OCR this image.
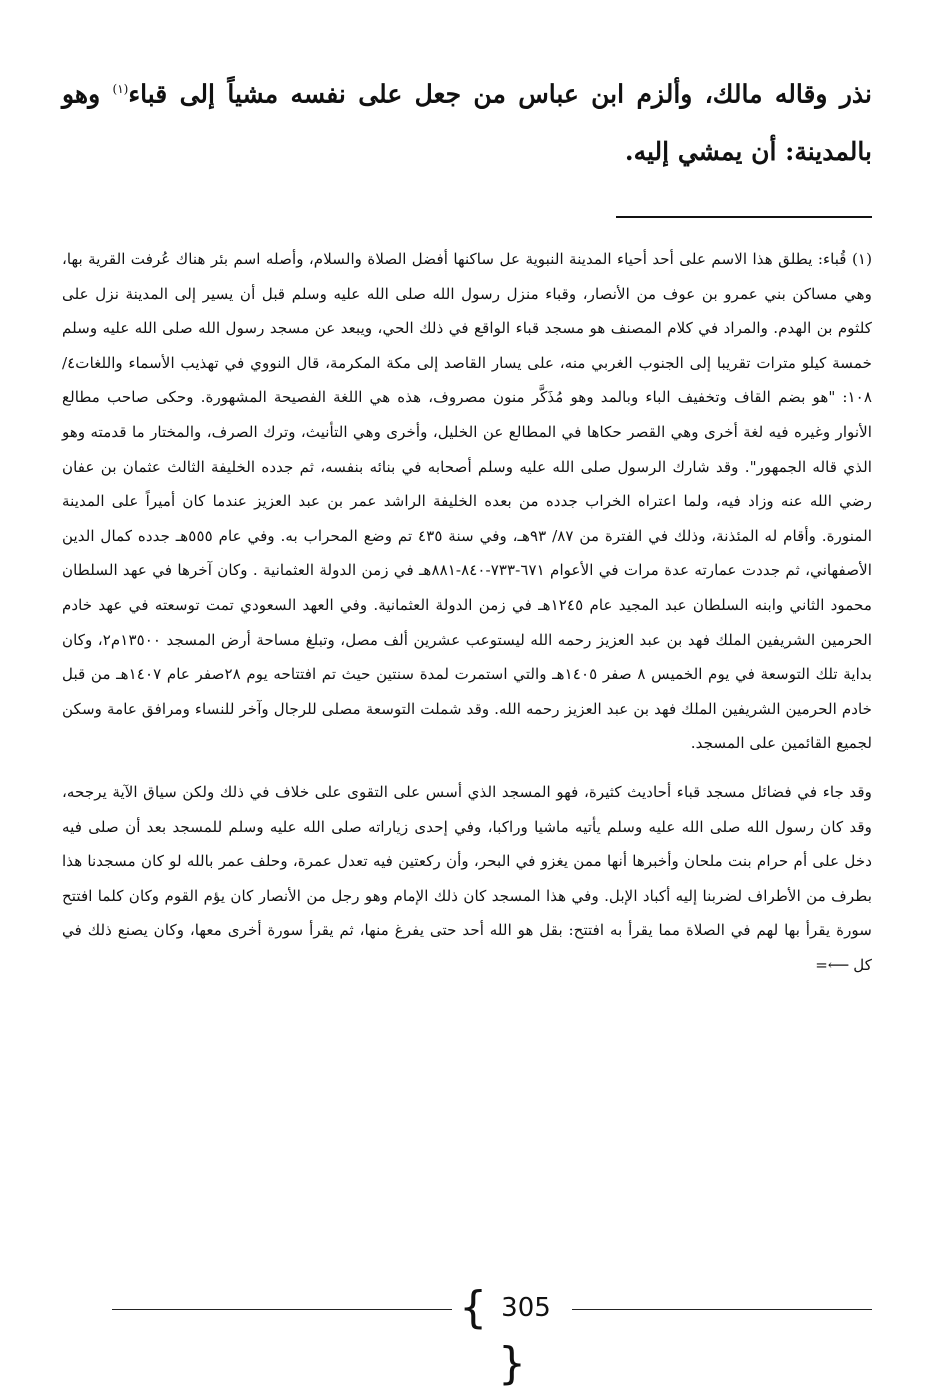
نذر وقاله مالك، وألزم ابن عباس من جعل على نفسه مشياً إلى قباء$^{(١)}$ وهو بالمدينة: أن يمشي إليه.

(١) قُباء: يطلق هذا الاسم على أحد أحياء المدينة النبوية عل ساكنها أفضل الصلاة والسلام، وأصله اسم بئر هناك عُرفت القرية بها، وهي مساكن بني عمرو بن عوف من الأنصار، وقباء منزل رسول الله صلى الله عليه وسلم قبل أن يسير إلى المدينة نزل على كلثوم بن الهدم. والمراد في كلام المصنف هو مسجد قباء الواقع في ذلك الحي، ويبعد عن مسجد رسول الله صلى الله عليه وسلم خمسة كيلو مترات تقريبا إلى الجنوب الغربي منه، على يسار القاصد إلى مكة المكرمة، قال النووي في تهذيب الأسماء واللغات٤/ ١٠٨: "هو بضم القاف وتخفيف الباء وبالمد وهو مُذَكَّر منون مصروف، هذه هي اللغة الفصيحة المشهورة. وحكى صاحب مطالع الأنوار وغيره فيه لغة أخرى وهي القصر حكاها في المطالع عن الخليل، وأخرى وهي التأنيث، وترك الصرف، والمختار ما قدمته وهو الذي قاله الجمهور". وقد شارك الرسول صلى الله عليه وسلم أصحابه في بنائه بنفسه، ثم جدده الخليفة الثالث عثمان بن عفان رضي الله عنه وزاد فيه، ولما اعتراه الخراب جدده من بعده الخليفة الراشد عمر بن عبد العزيز عندما كان أميراً على المدينة المنورة. وأقام له المئذنة، وذلك في الفترة من ٨٧/ ٩٣هـ، وفي سنة ٤٣٥ تم وضع المحراب به. وفي عام ٥٥٥هـ جدده كمال الدين الأصفهاني، ثم جددت عمارته عدة مرات في الأعوام ٦٧١-٧٣٣-٨٤٠-٨٨١هـ في زمن الدولة العثمانية . وكان آخرها في عهد السلطان محمود الثاني وابنه السلطان عبد المجيد عام ١٢٤٥هـ في زمن الدولة العثمانية. وفي العهد السعودي تمت توسعته في عهد خادم الحرمين الشريفين الملك فهد بن عبد العزيز رحمه الله ليستوعب عشرين ألف مصل، وتبلغ مساحة أرض المسجد ١٣٥٠٠م٢، وكان بداية تلك التوسعة في يوم الخميس ٨ صفر ١٤٠٥هـ والتي استمرت لمدة سنتين حيث تم افتتاحه يوم ٢٨صفر عام ١٤٠٧هـ من قبل خادم الحرمين الشريفين الملك فهد بن عبد العزيز رحمه الله. وقد شملت التوسعة مصلى للرجال وآخر للنساء ومرافق عامة وسكن لجميع القائمين على المسجد.

وقد جاء في فضائل مسجد قباء أحاديث كثيرة، فهو المسجد الذي أسس على التقوى على خلاف في ذلك ولكن سياق الآية يرجحه، وقد كان رسول الله صلى الله عليه وسلم يأتيه ماشيا وراكبا، وفي إحدى زياراته صلى الله عليه وسلم للمسجد بعد أن صلى فيه دخل على أم حرام بنت ملحان وأخبرها أنها ممن يغزو في البحر، وأن ركعتين فيه تعدل عمرة، وحلف عمر بالله لو كان مسجدنا هذا بطرف من الأطراف لضربنا إليه أكباد الإبل. وفي هذا المسجد كان ذلك الإمام وهو رجل من الأنصار كان يؤم القوم وكان كلما افتتح سورة يقرأ بها لهم في الصلاة مما يقرأ به افتتح: بقل هو الله أحد حتى يفرغ منها، ثم يقرأ سورة أخرى معها، وكان يصنع ذلك في كل⟵=

{ 305}
